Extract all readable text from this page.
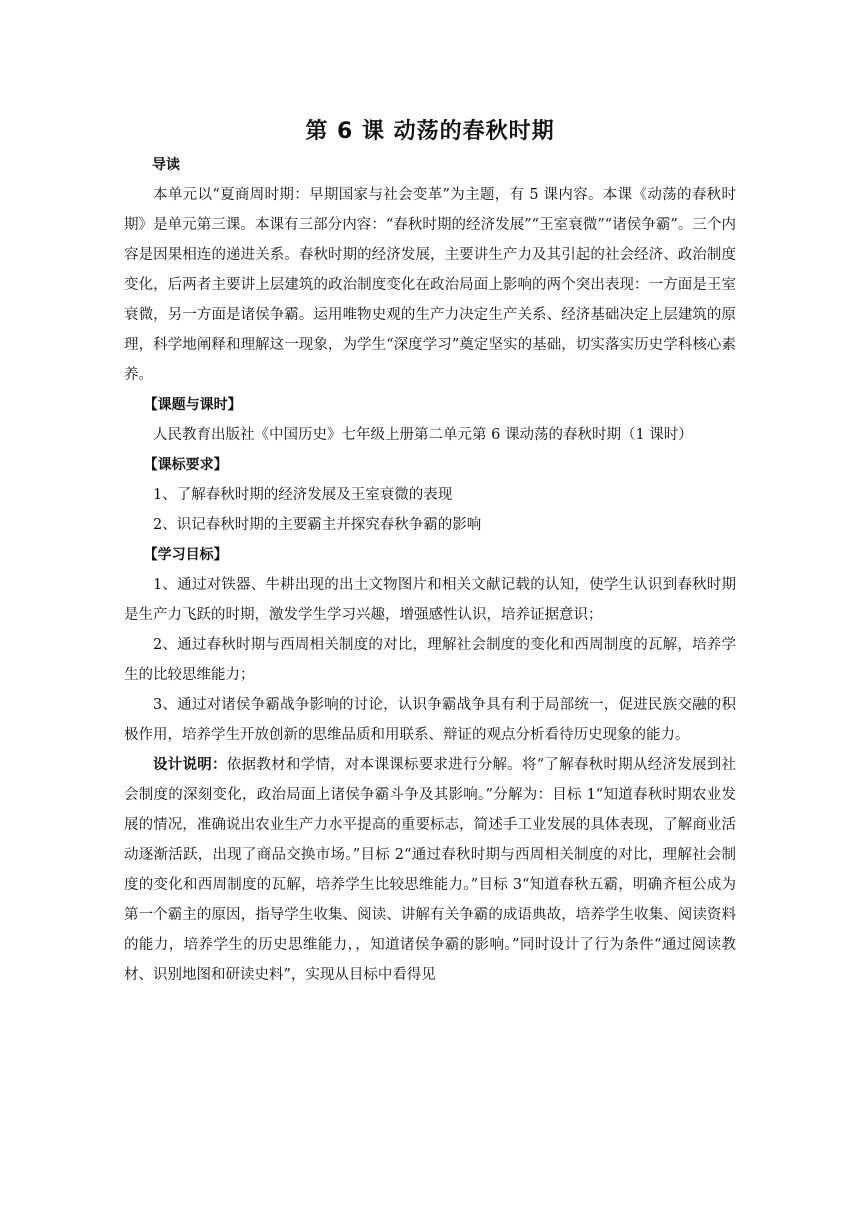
第 6 课 动荡的春秋时期

导读

本单元以“夏商周时期：早期国家与社会变革”为主题，有 5 课内容。本课《动荡的春秋时期》是单元第三课。本课有三部分内容：“春秋时期的经济发展”“王室衰微”“诸侯争霸”。三个内容是因果相连的递进关系。春秋时期的经济发展，主要讲生产力及其引起的社会经济、政治制度变化，后两者主要讲上层建筑的政治制度变化在政治局面上影响的两个突出表现：一方面是王室衰微，另一方面是诸侯争霸。运用唯物史观的生产力决定生产关系、经济基础决定上层建筑的原理，科学地阐释和理解这一现象，为学生“深度学习”奠定坚实的基础，切实落实历史学科核心素养。

【课题与课时】

人民教育出版社《中国历史》七年级上册第二单元第 6 课动荡的春秋时期（1 课时）

【课标要求】

1、了解春秋时期的经济发展及王室衰微的表现

2、识记春秋时期的主要霸主并探究春秋争霸的影响

【学习目标】

1、通过对铁器、牛耕出现的出土文物图片和相关文献记载的认知，使学生认识到春秋时期是生产力飞跃的时期，激发学生学习兴趣，增强感性认识，培养证据意识；

2、通过春秋时期与西周相关制度的对比，理解社会制度的变化和西周制度的瓦解，培养学生的比较思维能力；

3、通过对诸侯争霸战争影响的讨论，认识争霸战争具有利于局部统一，促进民族交融的积极作用，培养学生开放创新的思维品质和用联系、辩证的观点分析看待历史现象的能力。

设计说明：依据教材和学情，对本课课标要求进行分解。将“了解春秋时期从经济发展到社会制度的深刻变化，政治局面上诸侯争霸斗争及其影响。”分解为：目标 1“知道春秋时期农业发展的情况，准确说出农业生产力水平提高的重要标志，简述手工业发展的具体表现，了解商业活动逐渐活跃，出现了商品交换市场。”目标 2“通过春秋时期与西周相关制度的对比，理解社会制度的变化和西周制度的瓦解，培养学生比较思维能力。”目标 3“知道春秋五霸，明确齐桓公成为第一个霸主的原因，指导学生收集、阅读、讲解有关争霸的成语典故，培养学生收集、阅读资料的能力，培养学生的历史思维能力，，知道诸侯争霸的影响。”同时设计了行为条件“通过阅读教材、识别地图和研读史料”，实现从目标中看得见
